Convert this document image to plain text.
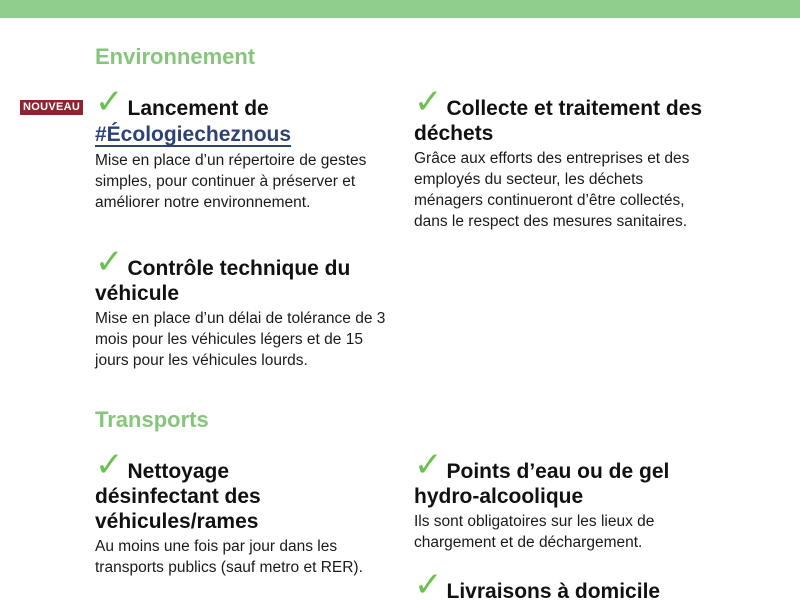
Environnement
NOUVEAU ✓ Lancement de
#Écologiecheznous
Mise en place d’un répertoire de gestes simples, pour continuer à préserver et améliorer notre environnement.
✓ Collecte et traitement des déchets
Grâce aux efforts des entreprises et des employés du secteur, les déchets ménagers continueront d’être collectés, dans le respect des mesures sanitaires.
✓ Contrôle technique du véhicule
Mise en place d’un délai de tolérance de 3 mois pour les véhicules légers et de 15 jours pour les véhicules lourds.
Transports
✓ Nettoyage désinfectant des véhicules/rames
Au moins une fois par jour dans les transports publics (sauf metro et RER).
✓ Points d’eau ou de gel hydro-alcoolique
Ils sont obligatoires sur les lieux de chargement et de déchargement.
✓ Livraisons à domicile
